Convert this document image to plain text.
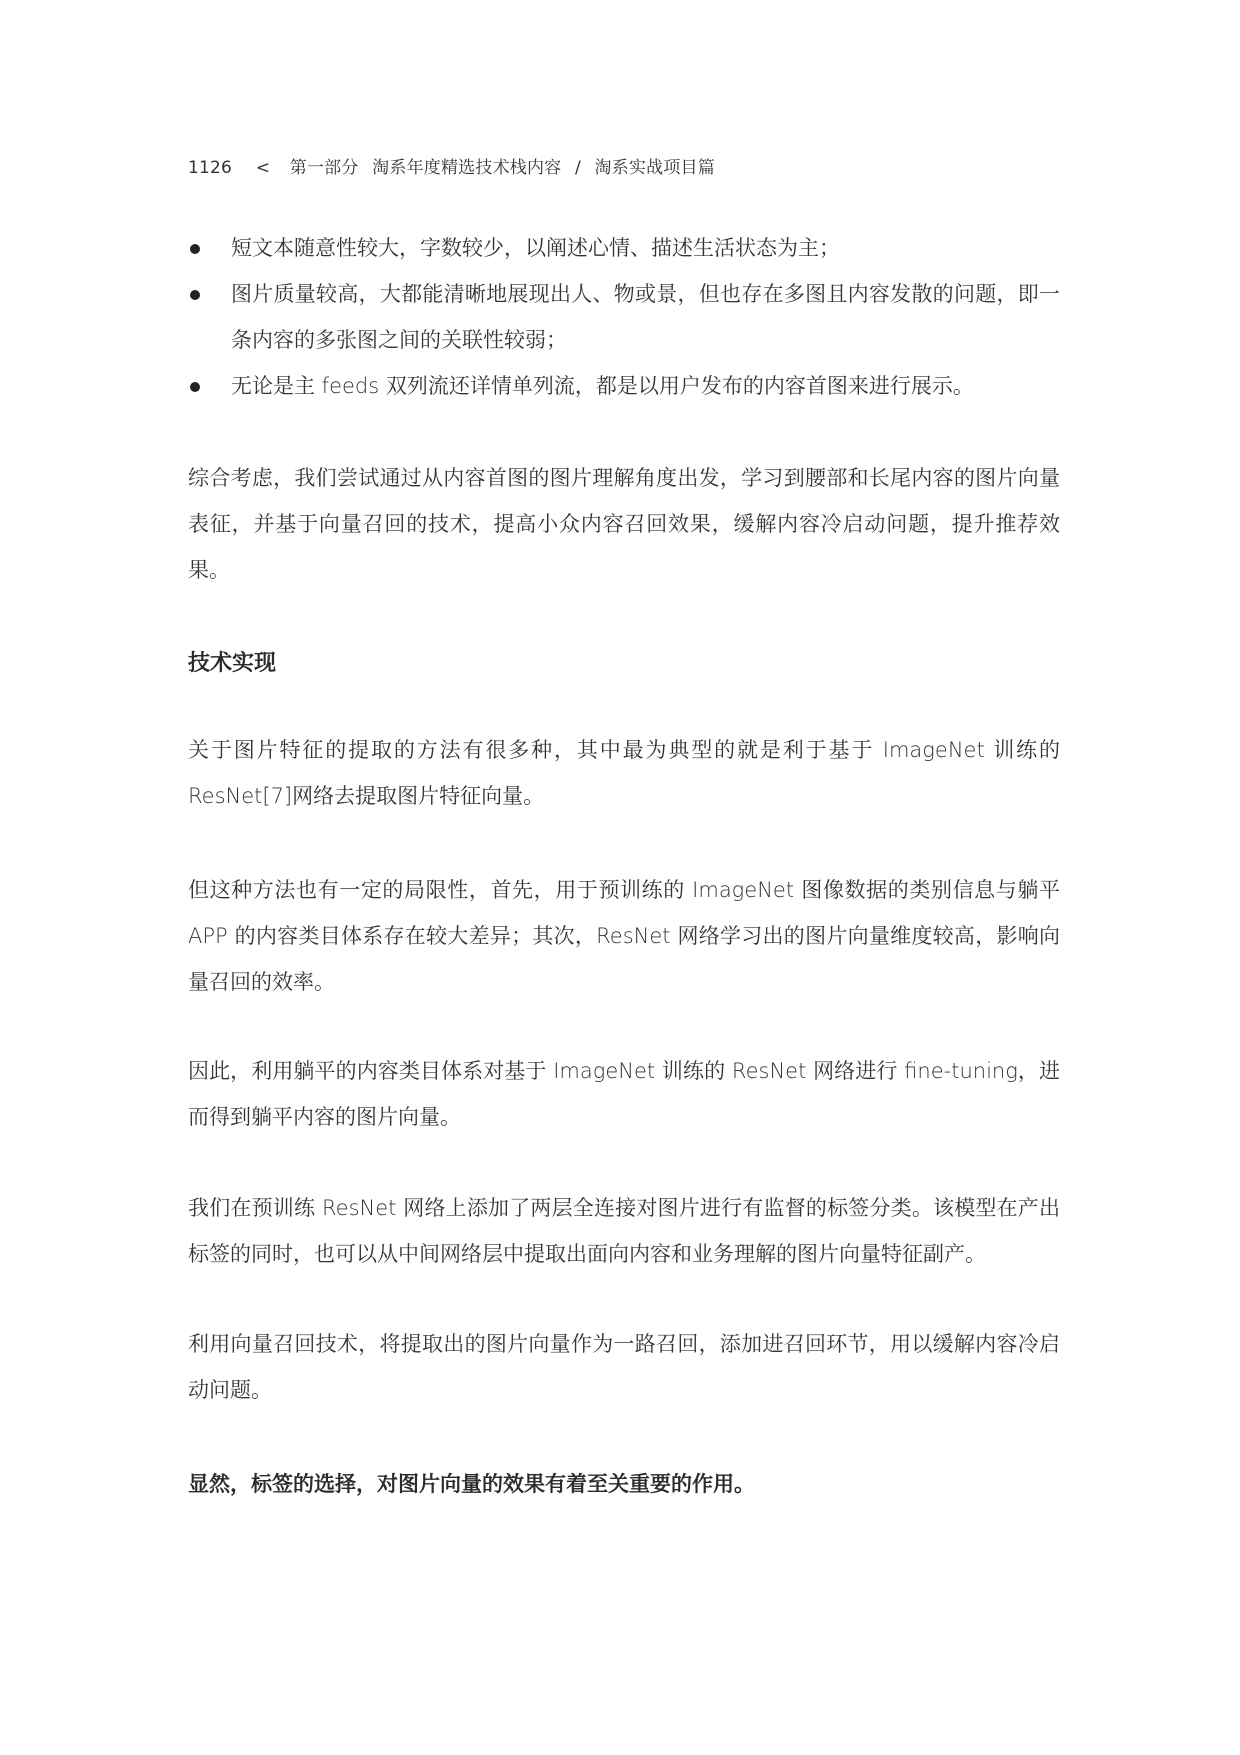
1126 < 第一部分 淘系年度精选技术栈内容 / 淘系实战项目篇
短文本随意性较大，字数较少，以阐述心情、描述生活状态为主；
图片质量较高，大都能清晰地展现出人、物或景，但也存在多图且内容发散的问题，即一条内容的多张图之间的关联性较弱；
无论是主 feeds 双列流还详情单列流，都是以用户发布的内容首图来进行展示。

综合考虑，我们尝试通过从内容首图的图片理解角度出发，学习到腰部和长尾内容的图片向量表征，并基于向量召回的技术，提高小众内容召回效果，缓解内容冷启动问题，提升推荐效果。

技术实现

关于图片特征的提取的方法有很多种，其中最为典型的就是利于基于 ImageNet 训练的 ResNet[7]网络去提取图片特征向量。

但这种方法也有一定的局限性，首先，用于预训练的 ImageNet 图像数据的类别信息与躺平 APP 的内容类目体系存在较大差异；其次，ResNet 网络学习出的图片向量维度较高，影响向量召回的效率。

因此，利用躺平的内容类目体系对基于 ImageNet 训练的 ResNet 网络进行 fine-tuning，进而得到躺平内容的图片向量。

我们在预训练 ResNet 网络上添加了两层全连接对图片进行有监督的标签分类。该模型在产出标签的同时，也可以从中间网络层中提取出面向内容和业务理解的图片向量特征副产。

利用向量召回技术，将提取出的图片向量作为一路召回，添加进召回环节，用以缓解内容冷启动问题。

显然，标签的选择，对图片向量的效果有着至关重要的作用。
